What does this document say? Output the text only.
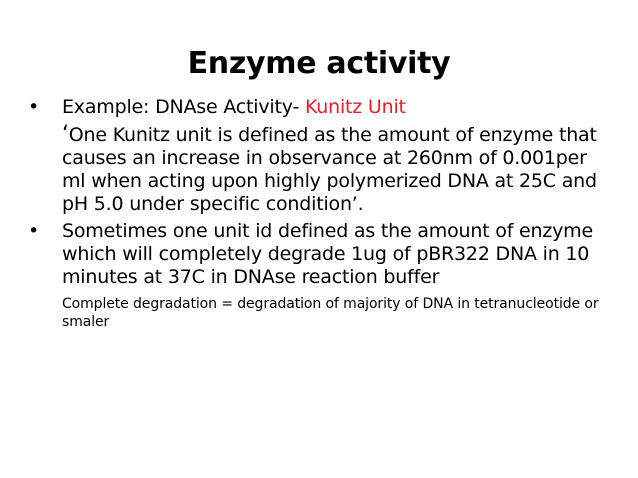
Enzyme activity
•	Example: DNAse Activity- Kunitz Unit
‘One Kunitz unit is defined as the amount of enzyme that causes an increase in observance at 260nm of 0.001per ml when acting upon highly polymerized DNA at 25C and pH 5.0 under specific condition’.
•	Sometimes one unit id defined as the amount of enzyme which will completely degrade 1ug of pBR322 DNA in 10 minutes at 37C in DNAse reaction buffer
Complete degradation = degradation of majority of DNA in tetranucleotide or smaler
